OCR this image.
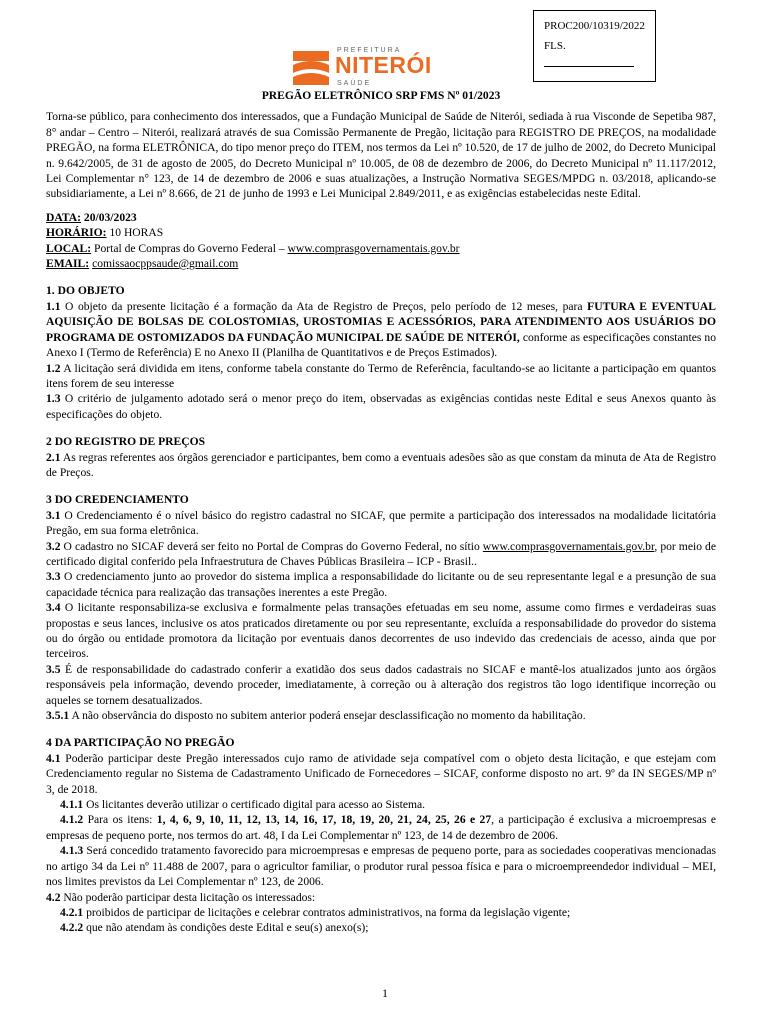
PROC200/10319/2022
FLS.
PREFEITURA
NITERÓI
SAÚDE

PREGÃO ELETRÔNICO SRP FMS Nº 01/2023

Torna-se público, para conhecimento dos interessados, que a Fundação Municipal de Saúde de Niterói, sediada à rua Visconde de Sepetiba 987, 8° andar – Centro – Niterói, realizará através de sua Comissão Permanente de Pregão, licitação para REGISTRO DE PREÇOS, na modalidade PREGÃO, na forma ELETRÔNICA, do tipo menor preço do ITEM, nos termos da Lei nº 10.520, de 17 de julho de 2002, do Decreto Municipal n. 9.642/2005, de 31 de agosto de 2005, do Decreto Municipal nº 10.005, de 08 de dezembro de 2006, do Decreto Municipal nº 11.117/2012, Lei Complementar n° 123, de 14 de dezembro de 2006 e suas atualizações, a Instrução Normativa SEGES/MPDG n. 03/2018, aplicando-se subsidiariamente, a Lei nº 8.666, de 21 de junho de 1993 e Lei Municipal 2.849/2011, e as exigências estabelecidas neste Edital.

DATA: 20/03/2023

HORÁRIO: 10 HORAS

LOCAL: Portal de Compras do Governo Federal – www.comprasgovernamentais.gov.br

EMAIL: comissaocppsaude@gmail.com

1. DO OBJETO

1.1 O objeto da presente licitação é a formação da Ata de Registro de Preços, pelo período de 12 meses, para FUTURA E EVENTUAL AQUISIÇÃO DE BOLSAS DE COLOSTOMIAS, UROSTOMIAS E ACESSÓRIOS, PARA ATENDIMENTO AOS USUÁRIOS DO PROGRAMA DE OSTOMIZADOS DA FUNDAÇÃO MUNICIPAL DE SAÚDE DE NITERÓI, conforme as especificações constantes no Anexo I (Termo de Referência) E no Anexo II (Planilha de Quantitativos e de Preços Estimados).

1.2 A licitação será dividida em itens, conforme tabela constante do Termo de Referência, facultando-se ao licitante a participação em quantos itens forem de seu interesse

1.3 O critério de julgamento adotado será o menor preço do item, observadas as exigências contidas neste Edital e seus Anexos quanto às especificações do objeto.

2 DO REGISTRO DE PREÇOS

2.1 As regras referentes aos órgãos gerenciador e participantes, bem como a eventuais adesões são as que constam da minuta de Ata de Registro de Preços.

3 DO CREDENCIAMENTO

3.1 O Credenciamento é o nível básico do registro cadastral no SICAF, que permite a participação dos interessados na modalidade licitatória Pregão, em sua forma eletrônica.

3.2 O cadastro no SICAF deverá ser feito no Portal de Compras do Governo Federal, no sítio www.comprasgovernamentais.gov.br, por meio de certificado digital conferido pela Infraestrutura de Chaves Públicas Brasileira – ICP - Brasil..

3.3 O credenciamento junto ao provedor do sistema implica a responsabilidade do licitante ou de seu representante legal e a presunção de sua capacidade técnica para realização das transações inerentes a este Pregão.

3.4 O licitante responsabiliza-se exclusiva e formalmente pelas transações efetuadas em seu nome, assume como firmes e verdadeiras suas propostas e seus lances, inclusive os atos praticados diretamente ou por seu representante, excluída a responsabilidade do provedor do sistema ou do órgão ou entidade promotora da licitação por eventuais danos decorrentes de uso indevido das credenciais de acesso, ainda que por terceiros.

3.5 É de responsabilidade do cadastrado conferir a exatidão dos seus dados cadastrais no SICAF e mantê-los atualizados junto aos órgãos responsáveis pela informação, devendo proceder, imediatamente, à correção ou à alteração dos registros tão logo identifique incorreção ou aqueles se tornem desatualizados.

3.5.1 A não observância do disposto no subitem anterior poderá ensejar desclassificação no momento da habilitação.

4 DA PARTICIPAÇÃO NO PREGÃO

4.1 Poderão participar deste Pregão interessados cujo ramo de atividade seja compatível com o objeto desta licitação, e que estejam com Credenciamento regular no Sistema de Cadastramento Unificado de Fornecedores – SICAF, conforme disposto no art. 9º da IN SEGES/MP nº 3, de 2018.

4.1.1 Os licitantes deverão utilizar o certificado digital para acesso ao Sistema.

4.1.2 Para os itens: 1, 4, 6, 9, 10, 11, 12, 13, 14, 16, 17, 18, 19, 20, 21, 24, 25, 26 e 27, a participação é exclusiva a microempresas e empresas de pequeno porte, nos termos do art. 48, I da Lei Complementar nº 123, de 14 de dezembro de 2006.

4.1.3 Será concedido tratamento favorecido para microempresas e empresas de pequeno porte, para as sociedades cooperativas mencionadas no artigo 34 da Lei nº 11.488 de 2007, para o agricultor familiar, o produtor rural pessoa física e para o microempreendedor individual – MEI, nos limites previstos da Lei Complementar nº 123, de 2006.

4.2 Não poderão participar desta licitação os interessados:

4.2.1 proibidos de participar de licitações e celebrar contratos administrativos, na forma da legislação vigente;

4.2.2 que não atendam às condições deste Edital e seu(s) anexo(s);

1
